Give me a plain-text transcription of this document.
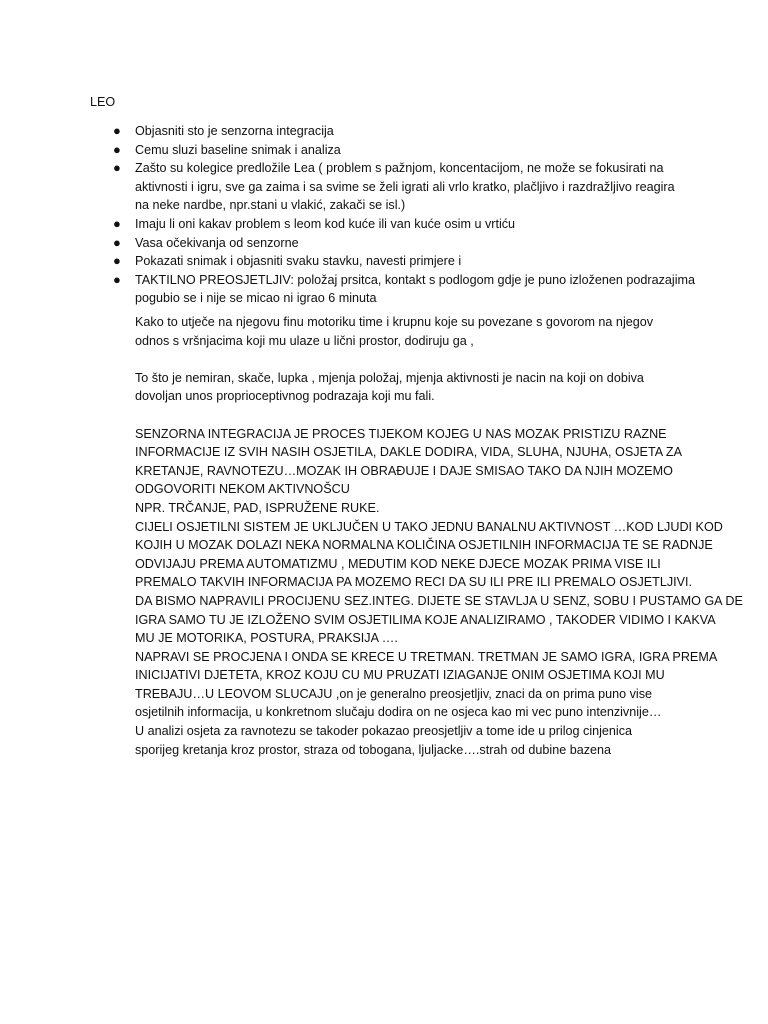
LEO
● Objasniti sto je senzorna integracija
● Cemu sluzi baseline snimak i analiza
● Zašto su kolegice predložile Lea ( problem s pažnjom, koncentacijom, ne može se fokusirati na
aktivnosti i igru, sve ga zaima i sa svime se želi igrati ali vrlo kratko, plačljivo i razdražljivo reagira
na neke nardbe, npr.stani u vlakić, zakači se isl.)
● Imaju li oni kakav problem s leom kod kuće ili van kuće osim u vrtiću
● Vasa očekivanja od senzorne
● Pokazati snimak i objasniti svaku stavku, navesti primjere i
● TAKTILNO PREOSJETLJIV: položaj prsitca, kontakt s podlogom gdje je puno izloženen podrazajima
pogubio se i nije se micao ni igrao 6 minuta
Kako to utječe na njegovu finu motoriku time i krupnu koje su povezane s govorom na njegov
odnos s vršnjacima koji mu ulaze u lični prostor, dodiruju ga ,
To što je nemiran, skače, lupka , mjenja položaj, mjenja aktivnosti je nacin na koji on dobiva
dovoljan unos proprioceptivnog podrazaja koji mu fali.
SENZORNA INTEGRACIJA JE PROCES TIJEKOM KOJEG U NAS MOZAK PRISTIZU RAZNE
INFORMACIJE IZ SVIH NASIH OSJETILA, DAKLE DODIRA, VIDA, SLUHA, NJUHA, OSJETA ZA
KRETANJE, RAVNOTEZU…MOZAK IH OBRAĐUJE I DAJE SMISAO TAKO DA NJIH MOZEMO
ODGOVORITI NEKOM AKTIVNOŠCU
NPR. TRČANJE, PAD, ISPRUŽENE RUKE.
CIJELI OSJETILNI SISTEM JE UKLJUČEN U TAKO JEDNU BANALNU AKTIVNOST …KOD LJUDI KOD
KOJIH U MOZAK DOLAZI NEKA NORMALNA KOLIČINA OSJETILNIH INFORMACIJA TE SE RADNJE
ODVIJAJU PREMA AUTOMATIZMU , MEDUTIM KOD NEKE DJECE MOZAK PRIMA VISE ILI
PREMALO TAKVIH INFORMACIJA PA MOZEMO RECI DA SU ILI PRE ILI PREMALO OSJETLJIVI.
DA BISMO NAPRAVILI PROCIJENU SEZ.INTEG. DIJETE SE STAVLJA U SENZ, SOBU I PUSTAMO GA DE
IGRA SAMO TU JE IZLOŽENO SVIM OSJETILIMA KOJE ANALIZIRAMO , TAKODER VIDIMO I KAKVA
MU JE MOTORIKA, POSTURA, PRAKSIJA ….
NAPRAVI SE PROCJENA I ONDA SE KRECE U TRETMAN. TRETMAN JE SAMO IGRA, IGRA PREMA
INICIJATIVI DJETETA, KROZ KOJU CU MU PRUZATI IZIAGANJE ONIM OSJETIMA KOJI MU
TREBAJU…U LEOVOM SLUCAJU ,on je generalno preosjetljiv, znaci da on prima puno vise
osjetilnih informacija, u konkretnom slučaju dodira on ne osjeca kao mi vec puno intenzivnije…
U analizi osjeta za ravnotezu se takoder pokazao preosjetljiv a tome ide u prilog cinjenica
sporijeg kretanja kroz prostor, straza od tobogana, ljuljacke….strah od dubine bazena
